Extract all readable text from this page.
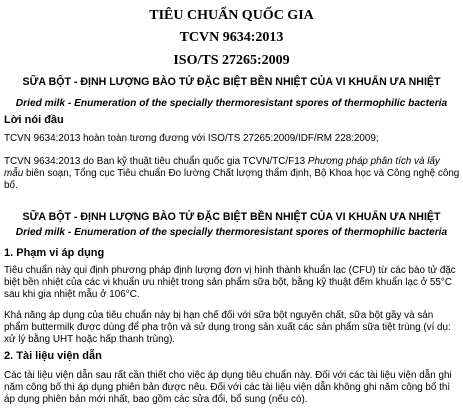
TIÊU CHUẨN QUỐC GIA
TCVN 9634:2013
ISO/TS 27265:2009
SỮA BỘT - ĐỊNH LƯỢNG BÀO TỬ ĐẶC BIỆT BỀN NHIỆT CỦA VI KHUẨN ƯA NHIỆT
Dried milk - Enumeration of the specially thermoresistant spores of thermophilic bacteria
Lời nói đầu
TCVN 9634:2013 hoàn toàn tương đương với ISO/TS 27265:2009/IDF/RM 228:2009;
TCVN 9634:2013 do Ban kỹ thuật tiêu chuẩn quốc gia TCVN/TC/F13 Phương pháp phân tích và lấy mẫu biên soạn, Tổng cục Tiêu chuẩn Đo lường Chất lượng thẩm định, Bộ Khoa học và Công nghệ công bố.
SỮA BỘT - ĐỊNH LƯỢNG BÀO TỬ ĐẶC BIỆT BỀN NHIỆT CỦA VI KHUẨN ƯA NHIỆT
Dried milk - Enumeration of the specially thermoresistant spores of thermophilic bacteria
1. Phạm vi áp dụng
Tiêu chuẩn này qui định phương pháp định lượng đơn vị hình thành khuẩn lạc (CFU) từ các bào tử đặc biệt bền nhiệt của các vi khuẩn ưu nhiệt trong sản phẩm sữa bột, bằng kỹ thuật đếm khuẩn lạc ở 55°C sau khi gia nhiệt mẫu ở 106°C.
Khả năng áp dụng của tiêu chuẩn này bị hạn chế đối với sữa bột nguyên chất, sữa bột gầy và sản phẩm buttermilk được dùng để pha trộn và sử dụng trong sản xuất các sản phẩm sữa tiệt trùng (ví dụ: xử lý bằng UHT hoặc hấp thanh trùng).
2. Tài liệu viện dẫn
Các tài liệu viện dẫn sau rất cần thiết cho việc áp dụng tiêu chuẩn này. Đối với các tài liệu viện dẫn ghi năm công bố thì áp dụng phiên bản được nêu. Đối với các tài liệu viện dẫn không ghi năm công bố thì áp dụng phiên bản mới nhất, bao gồm các sửa đổi, bổ sung (nếu có).
